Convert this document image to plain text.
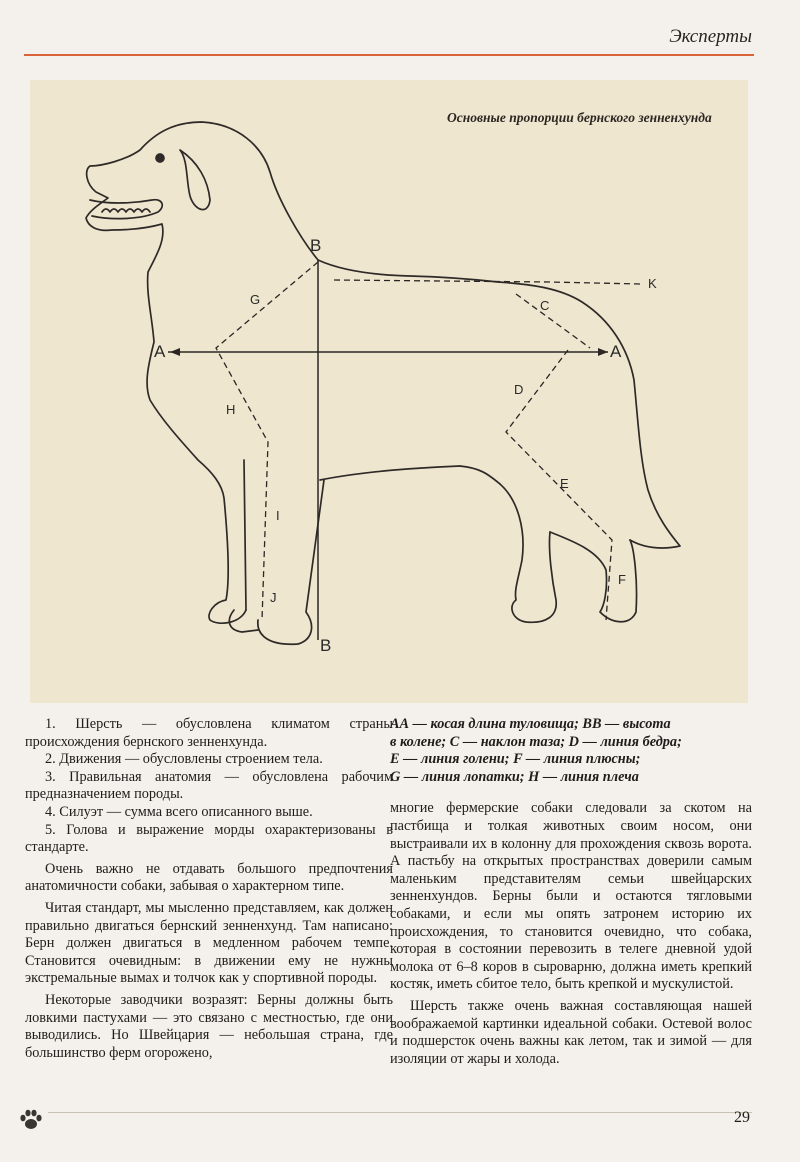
Эксперты
Основные пропорции бернского зенненхунда
A	A
B
B
C
D
E
F
G
H
I
J
K

1. Шерсть — обусловлена климатом страны происхождения бернского зенненхунда.

2. Движения — обусловлены строением тела.

3. Правильная анатомия — обусловлена рабочим предназначением породы.

4. Силуэт — сумма всего описанного выше.

5. Голова и выражение морды охарактеризованы в стандарте.

Очень важно не отдавать большого предпочтения анатомичности собаки, забывая о характерном типе.

Читая стандарт, мы мысленно представляем, как должен правильно двигаться бернский зенненхунд. Там написано: Берн должен двигаться в медленном рабочем темпе. Становится очевидным: в движении ему не нужны экстремальные вымах и толчок как у спортивной породы.

Некоторые заводчики возразят: Берны должны быть ловкими пастухами — это связано с местностью, где они выводились. Но Швейцария — небольшая страна, где большинство ферм огорожено,

АА — косая длина туловища; ВВ — высота

в колене; С — наклон таза; D — линия бедра;

Е — линия голени; F — линия плюсны;

G — линия лопатки; Н — линия плеча

многие фермерские собаки следовали за скотом на пастбища и толкая животных своим носом, они выстраивали их в колонну для прохождения сквозь ворота. А пастьбу на открытых пространствах доверили самым маленьким представителям семьи швейцарских зенненхундов. Берны были и остаются тягловыми собаками, и если мы опять затронем историю их происхождения, то становится очевидно, что собака, которая в состоянии перевозить в телеге дневной удой молока от 6–8 коров в сыроварню, должна иметь крепкий костяк, иметь сбитое тело, быть крепкой и мускулистой.

Шерсть также очень важная составляющая нашей воображаемой картинки идеальной собаки. Остевой волос и подшерсток очень важны как летом, так и зимой — для изоляции от жары и холода.

29
